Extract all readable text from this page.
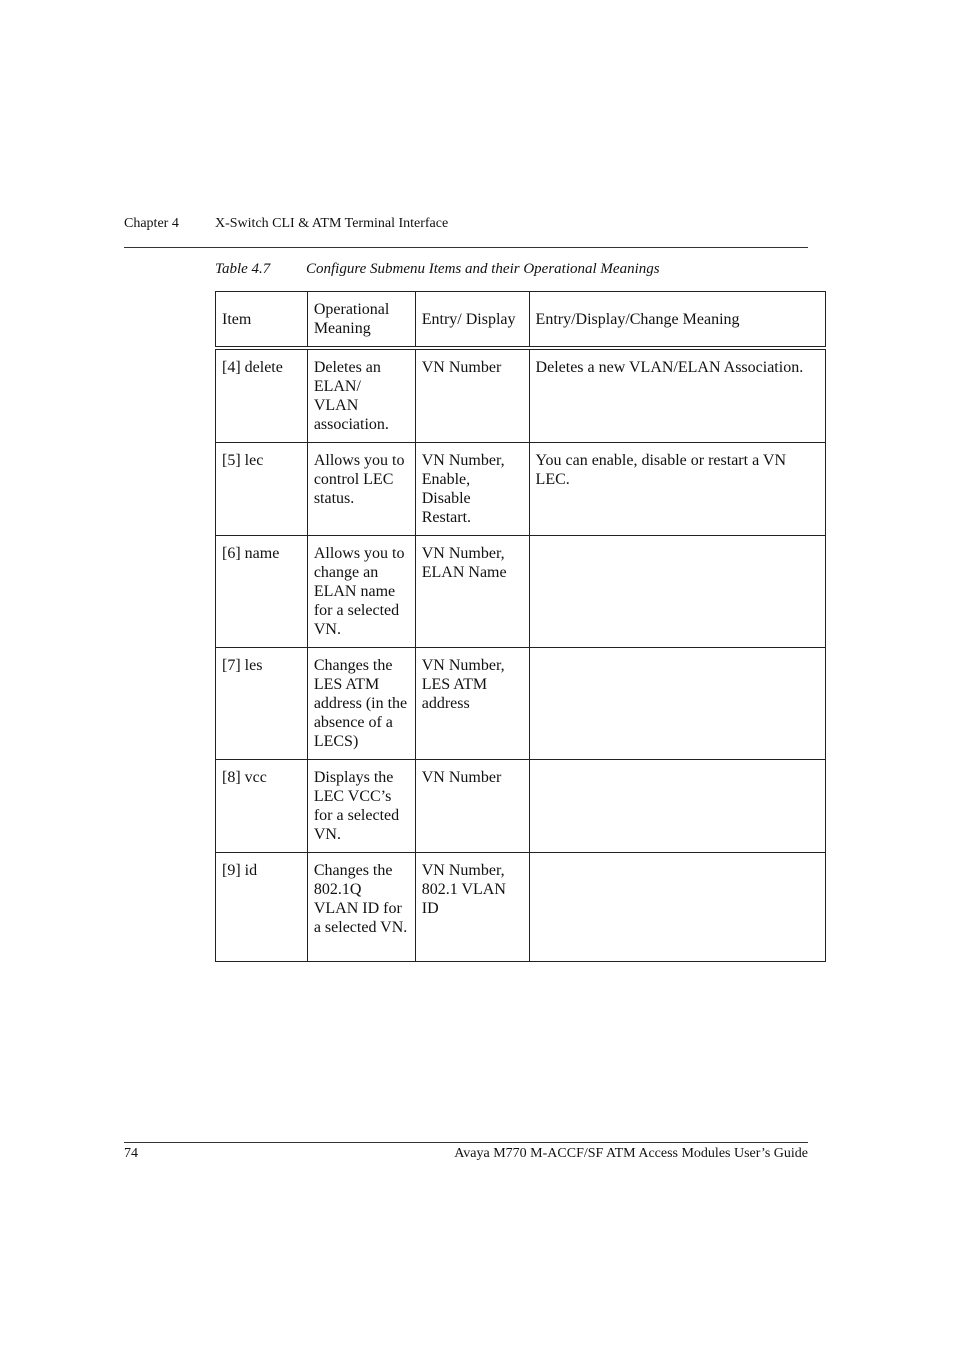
Chapter 4	X-Switch CLI & ATM Terminal Interface
Table 4.7 Configure Submenu Items and their Operational Meanings
Item	Operational Meaning	Entry/ Display	Entry/Display/Change Meaning
[4] delete	Deletes an ELAN/ VLAN association.	VN Number	Deletes a new VLAN/ELAN Association.
[5] lec	Allows you to control LEC status.	VN Number, Enable, Disable Restart.	You can enable, disable or restart a VN LEC.
[6] name	Allows you to change an ELAN name for a selected VN.	VN Number, ELAN Name	
[7] les	Changes the LES ATM address (in the absence of a LECS)	VN Number, LES ATM address	
[8] vcc	Displays the LEC VCC’s for a selected VN.	VN Number	
[9] id	Changes the 802.1Q VLAN ID for a selected VN.	VN Number, 802.1 VLAN ID	
74	Avaya M770 M-ACCF/SF ATM Access Modules User’s Guide
